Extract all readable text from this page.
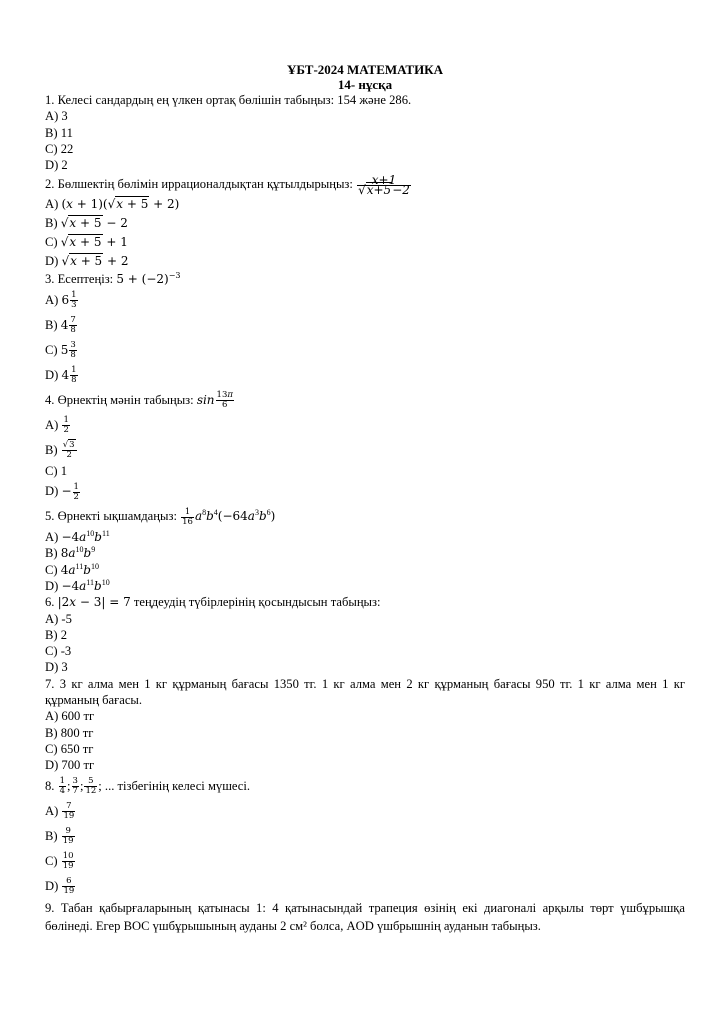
ҰБТ-2024 МАТЕМАТИКА
14- нұсқа
1. Келесі сандардың ең үлкен ортақ бөлішін табыңыз: 154 және 286.
A) 3
B) 11
C) 22
D) 2
2. Бөлшектің бөлімін иррационалдықтан құтылдырыңыз: $\frac{x+1}{√x+5-2}$
A) (x + 1)(√x + 5 + 2)
B) √x + 5 − 2
C) √x + 5 + 1
D) √x + 5 + 2
3. Есептеңіз: $5 + (-2)^{-3}$
A) $6 \frac{1}{3}$
B) $4 \frac{7}{8}$
C) $5 \frac{3}{8}$
D) $4 \frac{1}{8}$
4. Өрнектің мәнін табыңыз: $\sin \frac{13\pi}{6}$
$A) \frac{1}{2}$
$B) \frac{√3}{2}$
C) 1
$D) - \frac{1}{2}$
5. Өрнекті ықшамдаңыз: $\frac{1}{16} a^8b^4(-64a^3b^6)$
$A) -4a^{10}b^{11}$
B) $8a^{10}b^9$
C) $4a^{11}b^{10}$
$D) -4a^{11}b^{10}$
6. |2x − 3| = 7 теңдеудің түбірлерінің қосындысын табыңыз:
A) -5
B) 2
C) -3
D) 3
7. 3 кг алма мен 1 кг құрманың бағасы 1350 тг. 1 кг алма мен 2 кг құрманың бағасы 950 тг. 1 кг алма мен 1 кг құрманың бағасы.
A) 600 тг
B) 800 тг
C) 650 тг
D) 700 тг
8. $\frac{1}{4}$ ; $\frac{3}{7}$ ; $\frac{5}{12}$ ; ... тізбегінің келесі мүшесі.
$A) \frac{7}{19}$
$B) \frac{9}{19}$
$C) \frac{10}{19}$
$D) \frac{6}{19}$
9. Табан қабырғаларының қатынасы 1: 4 қатынасындай трапеция өзінің екі диагоналі арқылы төрт үшбұрышқа бөлінеді. Егер BOC үшбұрышының ауданы 2 см² болса, AOD үшбрышнің ауданын табыңыз.
